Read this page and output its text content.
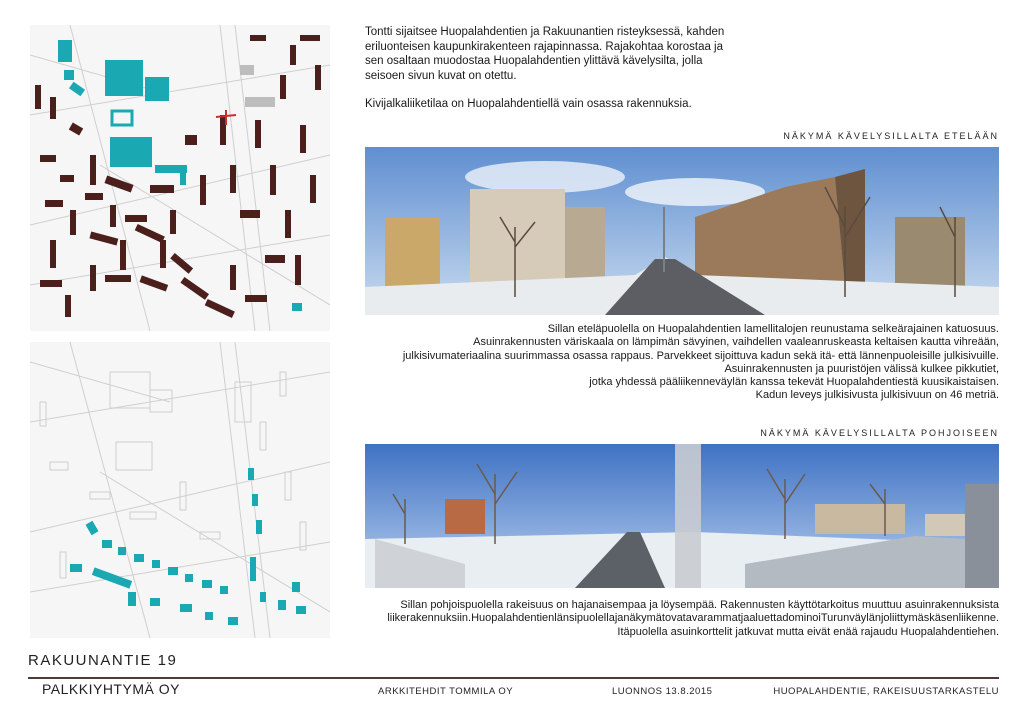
Tontti sijaitsee Huopalahdentien ja Rakuunantien risteyksessä, kahden eriluonteisen kaupunkirakenteen rajapinnassa. Rajakohtaa korostaa ja sen osaltaan muodostaa Huopalahdentien ylittävä kävelysilta, jolla seisoen sivun kuvat on otettu.

Kivijalkaliiketilaa on Huopalahdentiellä vain osassa rakennuksia.

NÄKYMÄ KÄVELYSILLALTA ETELÄÄN
Sillan eteläpuolella on Huopalahdentien lamellitalojen reunustama selkeärajainen katuosuus.
Asuinrakennusten väriskaala on lämpimän sävyinen, vaihdellen vaaleanruskeasta keltaisen kautta vihreään,
julkisivumateriaalina suurimmassa osassa rappaus. Parvekkeet sijoittuva kadun sekä itä- että lännenpuoleisille julkisivuille.
Asuinrakennusten ja puuristöjen välissä kulkee pikkutiet,
jotka yhdessä pääliikenneväylän kanssa tekevät Huopalahdentiestä kuusikaistaisen.
Kadun leveys julkisivusta julkisivuun on 46 metriä.
NÄKYMÄ KÄVELYSILLALTA POHJOISEEN
Sillan pohjoispuolella rakeisuus on hajanaisempaa ja löysempää. Rakennusten käyttötarkoitus muuttuu asuinrakennuksista
liikerakennuksiin.HuopalahdentienlänsipuolellajanäkymätovatavarammatjaaluettadominoiTurunväylänjoliittymäskäsenliikenne.
Itäpuolella asuinkorttelit jatkuvat mutta eivät enää rajaudu Huopalahdentiehen.
RAKUUNANTIE 19
PALKKIYHTYMÄ OY	ARKKITEHDIT TOMMILA OY	LUONNOS 13.8.2015	HUOPALAHDENTIE, RAKEISUUSTARKASTELU
